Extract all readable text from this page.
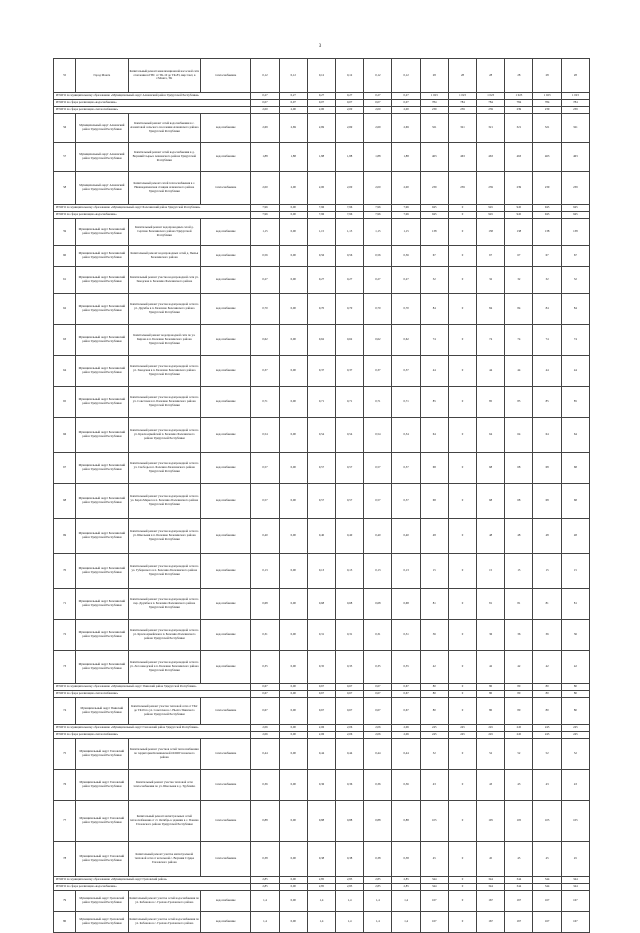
3
55	Город Можга	Капитальный ремонт канализационной насосной сети отопления в ГВС от ТК-10 до ТК-83, мкр Свет, в г.Можга, ТК	теплоснабжение	0,12	0,12	0,12	0,12	0,12	0,12	28	28	28	28	28	28
ИТОГО по муниципальному образованию «Муниципальный округ Алнашский район Удмуртской Республики»				0,27	0,27	0,27	0,27	0,27	0,27	1 023	1 023	1 023	1 023	1 023	1 023
ИТОГО по сфере реализации «водоснабжение»				0,07	0,07	0,07	0,07	0,07	0,07	784	784	784	784	784	784
ИТОГО по сфере реализации «теплоснабжение»				2,00	2,00	2,00	2,00	2,00	2,00	239	239	239	239	239	239
56	Муниципальный округ Алнашский район Удмуртской Республики	Капитальный ремонт сетей водоснабжения в с. Азаматовой сельского поселения Алнашского района Удмуртской Республики	водоснабжение	2,69	2,69	2,69	2,69	2,69	2,69	321	321	321	321	321	321
57	Муниципальный округ Алнашский район Удмуртской Республики	Капитальный ремонт сетей водоснабжения в д. Верхний Сырьез Алнашского района Удмуртской Республики	водоснабжение	1,88	1,88	1,88	1,88	1,88	1,88	463	463	463	463	463	463
58	Муниципальный округ Алнашский район Удмуртской Республики	Капитальный ремонт сетей теплоснабжения в с. Нижнедевчанская станция Алнашского района Удмуртской Республики	теплоснабжение	2,00	2,00	2,00	2,00	2,00	2,00	239	239	239	239	239	239
ИТОГО по муниципальному образованию «Муниципальный округ Балезинский район Удмуртской Республики»				7,96	0,00	7,96	7,96	7,96	7,96	945	0	945	945	945	945
ИТОГО по сфере реализации «водоснабжение»				7,96	0,00	7,96	7,96	7,96	7,96	945	0	945	945	945	945
59	Муниципальный округ Балезинский район Удмуртской Республики	Капитальный ремонт водопроводных сетей д. Сергино Балезинского района Удмуртской Республики	водоснабжение	1,15	0,00	1,15	1,15	1,15	1,15	138	0	138	138	138	138
60	Муниципальный округ Балезинский район Удмуртской Республики	Капитальный ремонт водопроводных сетей д. Пыхья Балезинского района	водоснабжение	0,56	0,00	0,56	0,56	0,56	0,56	67	0	67	67	67	67
61	Муниципальный округ Балезинский район Удмуртской Республики	Капитальный ремонт участка водопроводной сети ул. Заводская п. Балезино Балезинского района	водоснабжение	0,27	0,00	0,27	0,27	0,27	0,27	32	0	32	32	32	32
62	Муниципальный округ Балезинский район Удмуртской Республики	Капитальный ремонт участка водопроводной сети по ул. Дружбы в п. Балезино Балезинского района Удмуртской Республики	водоснабжение	0,70	0,00	0,70	0,70	0,70	0,70	84	0	84	84	84	84
63	Муниципальный округ Балезинский район Удмуртской Республики	Капитальный ремонт водопроводной сети по ул. Кирова в п. Балезино Балезинского района Удмуртской Республики	водоснабжение	0,62	0,00	0,62	0,62	0,62	0,62	74	0	74	74	74	74
64	Муниципальный округ Балезинский район Удмуртской Республики	Капитальный ремонт участка водопроводной сети по ул. Заводская в п. Балезино Балезинского района Удмуртской Республики	водоснабжение	0,37	0,00	0,37	0,37	0,37	0,37	44	0	44	44	44	44
65	Муниципальный округ Балезинский район Удмуртской Республики	Капитальный ремонт участка водопроводной сети по ул. Советская в п. Балезино Балезинского района Удмуртской Республики	водоснабжение	0,71	0,00	0,71	0,71	0,71	0,71	85	0	85	85	85	85
66	Муниципальный округ Балезинский район Удмуртской Республики	Капитальный ремонт участка водопроводной сети по ул. Красноармейской п. Балезино Балезинского района Удмуртской Республики	водоснабжение	0,54	0,00	0,54	0,54	0,54	0,54	64	0	64	64	64	64
67	Муниципальный округ Балезинский район Удмуртской Республики	Капитальный ремонт участка водопроводной сети по ул. Свободы в п. Балезино Балезинского района Удмуртской Республики	водоснабжение	0,57	0,00	0,57	0,57	0,57	0,57	68	0	68	68	68	68
68	Муниципальный округ Балезинский район Удмуртской Республики	Капитальный ремонт участка водопроводной сети по ул. Карла Маркса в п. Балезино Балезинского района Удмуртской Республики	водоснабжение	0,57	0,00	0,57	0,57	0,57	0,57	68	0	68	68	68	68
69	Муниципальный округ Балезинский район Удмуртской Республики	Капитальный ремонт участка водопроводной сети по ул. Школьная в п. Балезино Балезинского района Удмуртской Республики	водоснабжение	0,40	0,00	0,40	0,40	0,40	0,40	48	0	48	48	48	48
70	Муниципальный округ Балезинский район Удмуртской Республики	Капитальный ремонт участка водопроводной сети по ул. Губернского в п. Балезино Балезинского района Удмуртской Республики	водоснабжение	0,13	0,00	0,13	0,13	0,13	0,13	15	0	15	15	15	15
71	Муниципальный округ Балезинский район Удмуртской Республики	Капитальный ремонт участка водопроводной сети по пер. Дружбы в п. Балезино Балезинского района Удмуртской Республики	водоснабжение	0,68	0,00	0,68	0,68	0,68	0,68	81	0	81	81	81	81
72	Муниципальный округ Балезинский район Удмуртской Республики	Капитальный ремонт участка водопроводной сети по ул. Красноармейская в п. Балезино Балезинского района Удмуртской Республики	водоснабжение	0,31	0,00	0,31	0,31	0,31	0,31	36	0	36	36	36	36
73	Муниципальный округ Балезинский район Удмуртской Республики	Капитальный ремонт участка водопроводной сети по ул. Лесозаводской в п. Балезино Балезинского района Удмуртской Республики	водоснабжение	0,35	0,00	0,35	0,35	0,35	0,35	42	0	42	42	42	42
ИТОГО по муниципальному образованию «Муниципальный округ Увинский район Удмуртской Республики»				0,67	0,00	0,67	0,67	0,67	0,67	80	0	80	80	80	80
ИТОГО по сфере реализации «теплоснабжение»				0,67	0,00	0,67	0,67	0,67	0,67	80	0	80	80	80	80
74	Муниципальный округ Увинский район Удмуртской Республики	Капитальный ремонт участка тепловой сети от ТК2 до ТК19 по ул. Советская в с. Нылга Увинского района Удмуртской Республики	теплоснабжение	0,67	0,00	0,67	0,67	0,67	0,67	80	0	80	80	80	80
ИТОГО по муниципальному образованию «Муниципальный округ Глазовский район Удмуртской Республики»				2,06	0,00	2,06	2,06	2,06	2,06	245	245	245	245	245	245
ИТОГО по сфере реализации «теплоснабжение»				2,06	0,00	2,06	2,06	2,06	2,06	245	245	245	245	245	245
75	Муниципальный округ Глазовский район Удмуртской Республики	Капитальный ремонт участков сетей теплоснабжения по территории Кочишевской ООШ Глазовского района	теплоснабжение	0,44	0,00	0,44	0,44	0,44	0,44	52	0	52	52	52	52
76	Муниципальный округ Глазовский район Удмуртской Республики	Капитальный ремонт участка тепловой сети теплоснабжения по ул. Школьная в д. Трубачёво	теплоснабжение	0,36	0,00	0,36	0,36	0,36	0,36	43	0	43	43	43	43
77	Муниципальный округ Глазовский район Удмуртской Республики	Капитальный ремонт магистральных сетей теплоснабжения от ст. Октябрь к зданиям в с. Понино Глазовского района Удмуртской Республики	теплоснабжение	0,88	0,00	0,88	0,88	0,88	0,88	105	0	105	105	105	105
78	Муниципальный округ Глазовский район Удмуртской Республики	Капитальный ремонт участка магистральной тепловой сети от котельной с. Верхняя Слудка Глазовского района	теплоснабжение	0,38	0,00	0,38	0,38	0,38	0,38	45	0	45	45	45	45
ИТОГО по муниципальному образованию «Муниципальный округ Граховский район»				2,85	0,00	2,85	2,85	2,85	2,85	344	0	344	344	344	344
ИТОГО по сфере реализации «водоснабжение»				2,85	0,00	2,85	2,85	2,85	2,85	344	0	344	344	344	344
79	Муниципальный округ Граховский район Удмуртской Республики	Капитальный ремонт участка сетей водоснабжения по ул. Кабанова в с. Грахово Граховского района	водоснабжение	1,4	0,00	1,4	1,4	1,4	1,4	167	0	167	167	167	167
80	Муниципальный округ Граховский район Удмуртской Республики	Капитальный ремонт участка сетей водоснабжения по ул. Кабанова в с. Грахово Граховского района	водоснабжение	1,4	0,00	1,4	1,4	1,4	1,4	167	0	167	167	167	167
